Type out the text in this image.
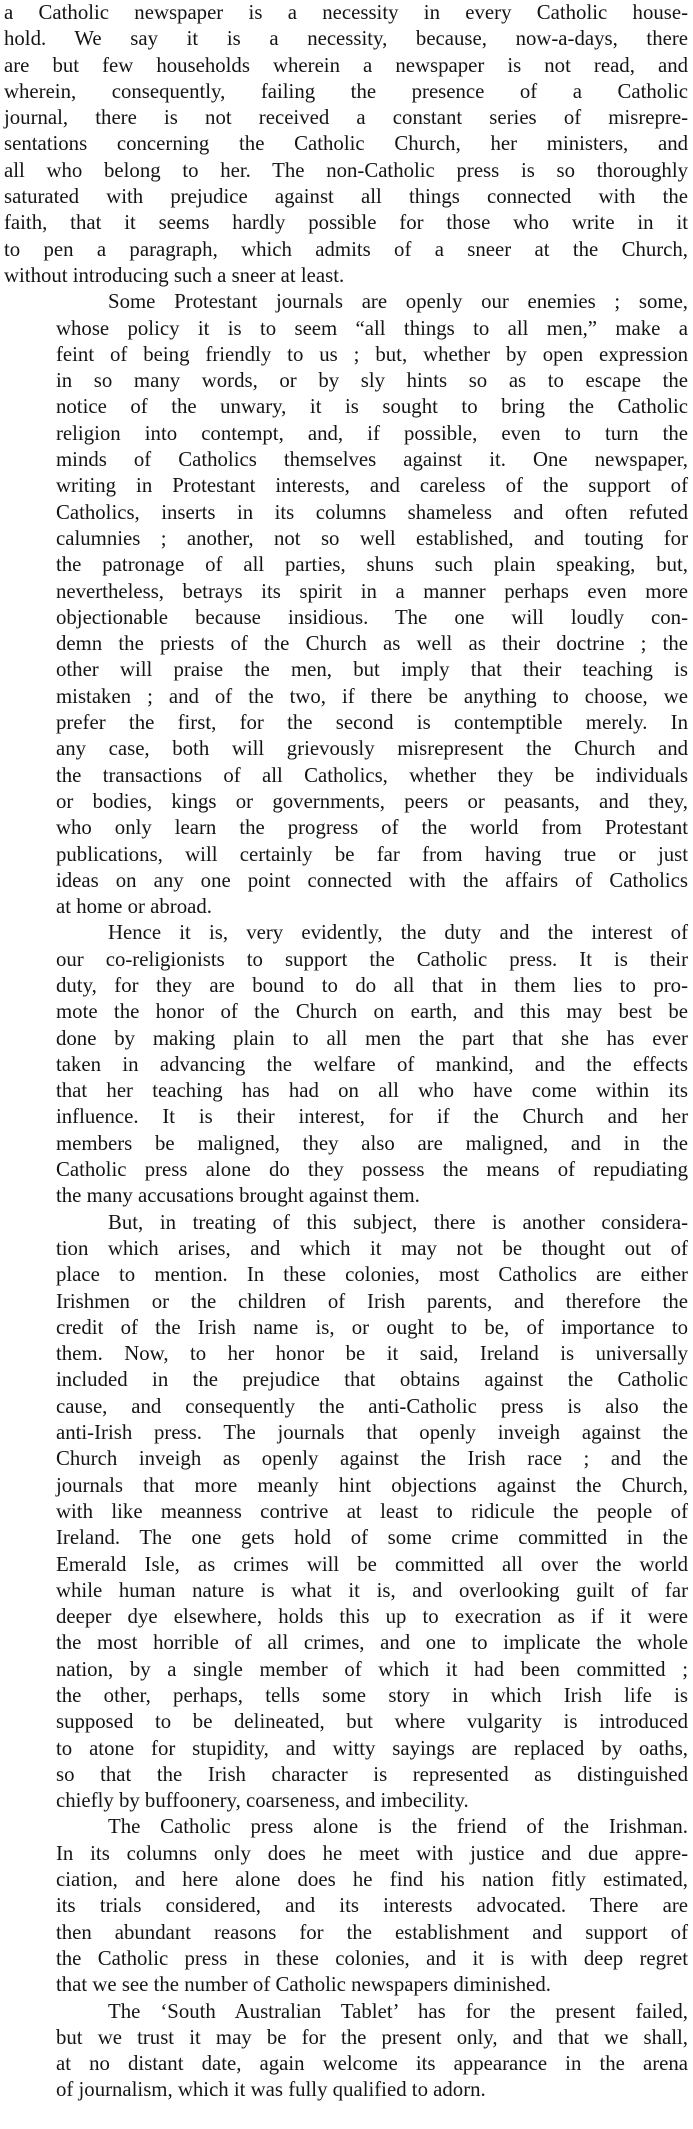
a Catholic newspaper is a necessity in every Catholic house-
hold. We say it is a necessity, because, now-a-days, there
are but few households wherein a newspaper is not read, and
wherein, consequently, failing the presence of a Catholic
journal, there is not received a constant series of misrepre-
sentations concerning the Catholic Church, her ministers, and
all who belong to her. The non-Catholic press is so thoroughly
saturated with prejudice against all things connected with the
faith, that it seems hardly possible for those who write in it
to pen a paragraph, which admits of a sneer at the Church,
without introducing such a sneer at least.
Some Protestant journals are openly our enemies ; some,
whose policy it is to seem “all things to all men,” make a
feint of being friendly to us ; but, whether by open expression
in so many words, or by sly hints so as to escape the
notice of the unwary, it is sought to bring the Catholic
religion into contempt, and, if possible, even to turn the
minds of Catholics themselves against it. One newspaper,
writing in Protestant interests, and careless of the support of
Catholics, inserts in its columns shameless and often refuted
calumnies ; another, not so well established, and touting for
the patronage of all parties, shuns such plain speaking, but,
nevertheless, betrays its spirit in a manner perhaps even more
objectionable because insidious. The one will loudly con-
demn the priests of the Church as well as their doctrine ; the
other will praise the men, but imply that their teaching is
mistaken ; and of the two, if there be anything to choose, we
prefer the first, for the second is contemptible merely. In
any case, both will grievously misrepresent the Church and
the transactions of all Catholics, whether they be individuals
or bodies, kings or governments, peers or peasants, and they,
who only learn the progress of the world from Protestant
publications, will certainly be far from having true or just
ideas on any one point connected with the affairs of Catholics
at home or abroad.
Hence it is, very evidently, the duty and the interest of
our co-religionists to support the Catholic press. It is their
duty, for they are bound to do all that in them lies to pro-
mote the honor of the Church on earth, and this may best be
done by making plain to all men the part that she has ever
taken in advancing the welfare of mankind, and the effects
that her teaching has had on all who have come within its
influence. It is their interest, for if the Church and her
members be maligned, they also are maligned, and in the
Catholic press alone do they possess the means of repudiating
the many accusations brought against them.
But, in treating of this subject, there is another considera-
tion which arises, and which it may not be thought out of
place to mention. In these colonies, most Catholics are either
Irishmen or the children of Irish parents, and therefore the
credit of the Irish name is, or ought to be, of importance to
them. Now, to her honor be it said, Ireland is universally
included in the prejudice that obtains against the Catholic
cause, and consequently the anti-Catholic press is also the
anti-Irish press. The journals that openly inveigh against the
Church inveigh as openly against the Irish race ; and the
journals that more meanly hint objections against the Church,
with like meanness contrive at least to ridicule the people of
Ireland. The one gets hold of some crime committed in the
Emerald Isle, as crimes will be committed all over the world
while human nature is what it is, and overlooking guilt of far
deeper dye elsewhere, holds this up to execration as if it were
the most horrible of all crimes, and one to implicate the whole
nation, by a single member of which it had been committed ;
the other, perhaps, tells some story in which Irish life is
supposed to be delineated, but where vulgarity is introduced
to atone for stupidity, and witty sayings are replaced by oaths,
so that the Irish character is represented as distinguished
chiefly by buffoonery, coarseness, and imbecility.
The Catholic press alone is the friend of the Irishman.
In its columns only does he meet with justice and due appre-
ciation, and here alone does he find his nation fitly estimated,
its trials considered, and its interests advocated. There are
then abundant reasons for the establishment and support of
the Catholic press in these colonies, and it is with deep regret
that we see the number of Catholic newspapers diminished.
The ‘South Australian Tablet’ has for the present failed,
but we trust it may be for the present only, and that we shall,
at no distant date, again welcome its appearance in the arena
of journalism, which it was fully qualified to adorn.
